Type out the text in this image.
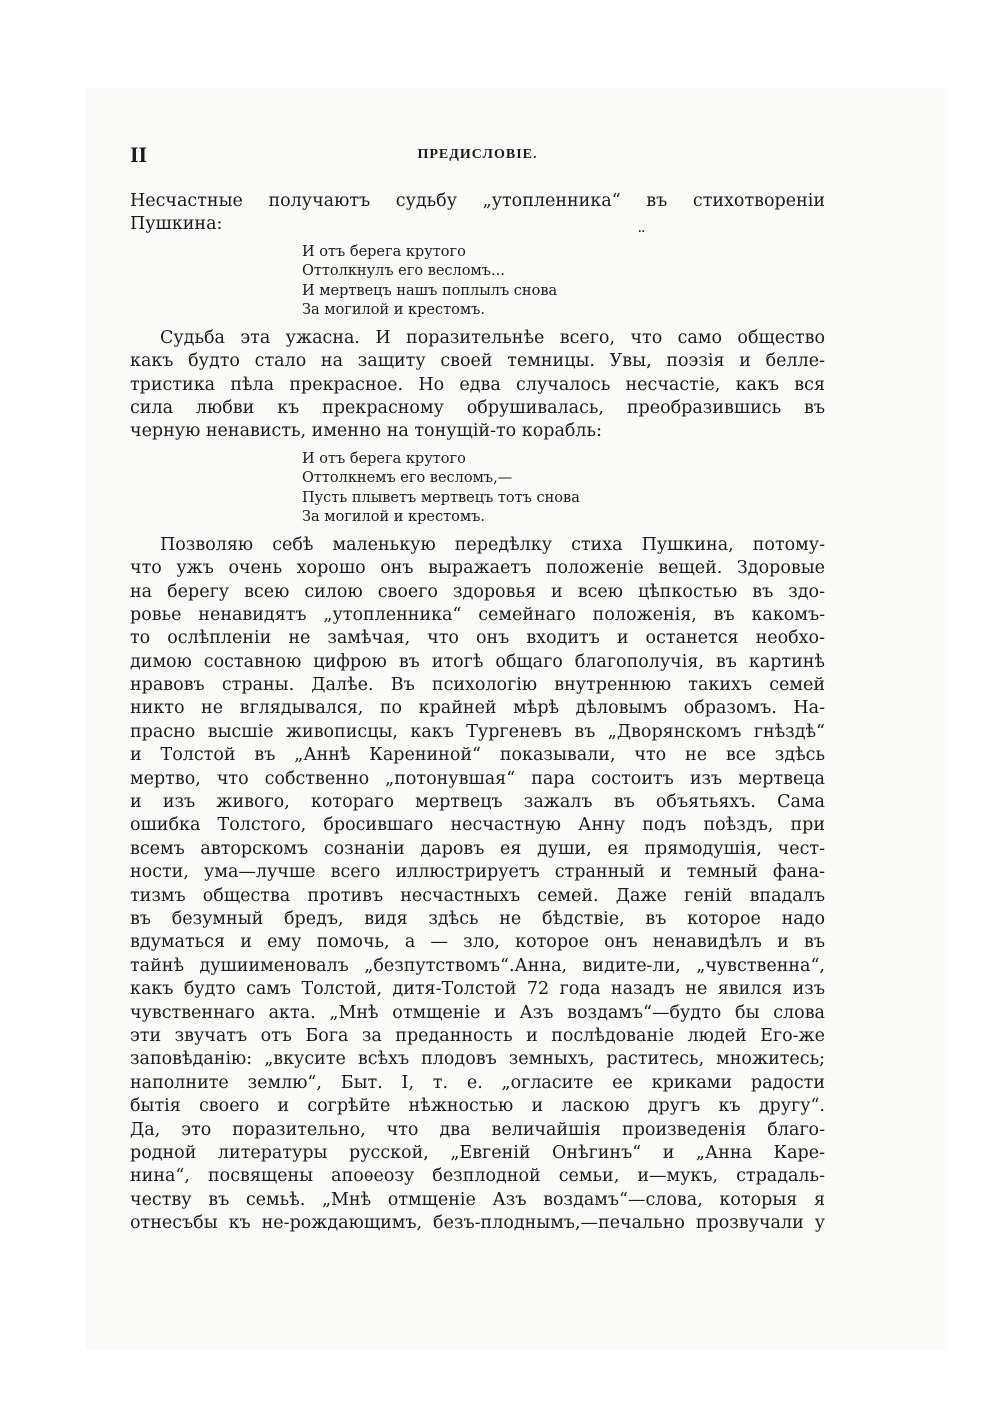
II	ПРЕДИСЛОВІЕ.
..
Несчастные получаютъ судьбу „утопленника“ въ стихотвореніи
Пушкина:
И отъ берега крутого
Оттолкнулъ его весломъ...
И мертвецъ нашъ поплылъ снова
За могилой и крестомъ.
Судьба эта ужасна. И поразительнѣе всего, что само общество
какъ будто стало на защиту своей темницы. Увы, поэзія и белле-
тристика пѣла прекрасное. Но едва случалось несчастіе, какъ вся
сила любви къ прекрасному обрушивалась, преобразившись въ
черную ненависть, именно на тонущій-то корабль:
И отъ берега крутого
Оттолкнемъ его весломъ,—
Пусть плыветъ мертвецъ тотъ снова
За могилой и крестомъ.
Позволяю себѣ маленькую передѣлку стиха Пушкина, потому-
что ужъ очень хорошо онъ выражаетъ положеніе вещей. Здоровые
на берегу всею силою своего здоровья и всею цѣпкостью въ здо-
ровье ненавидятъ „утопленника“ семейнаго положенія, въ какомъ-
то ослѣпленіи не замѣчая, что онъ входитъ и останется необхо-
димою составною цифрою въ итогѣ общаго благополучія, въ картинѣ
нравовъ страны. Далѣе. Въ психологію внутреннюю такихъ семей
никто не вглядывался, по крайней мѣрѣ дѣловымъ образомъ. На-
прасно высшіе живописцы, какъ Тургеневъ въ „Дворянскомъ гнѣздѣ“
и Толстой въ „Аннѣ Карениной“ показывали, что не все здѣсь
мертво, что собственно „потонувшая“ пара состоитъ изъ мертвеца
и изъ живого, котораго мертвецъ зажалъ въ объятьяхъ. Сама
ошибка Толстого, бросившаго несчастную Анну подъ поѣздъ, при
всемъ авторскомъ сознаніи даровъ ея души, ея прямодушія, чест-
ности, ума—лучше всего иллюстрируетъ странный и темный фана-
тизмъ общества противъ несчастныхъ семей. Даже геній впадалъ
въ безумный бредъ, видя здѣсь не бѣдствіе, въ которое надо
вдуматься и ему помочь, а — зло, которое онъ ненавидѣлъ и въ
тайнѣ душиименовалъ „безпутствомъ“.Анна, видите-ли, „чувственна“,
какъ будто самъ Толстой, дитя-Толстой 72 года назадъ не явился изъ
чувственнаго акта. „Мнѣ отмщеніе и Азъ воздамъ“—будто бы слова
эти звучатъ отъ Бога за преданность и послѣдованіе людей Его-же
заповѣданію: „вкусите всѣхъ плодовъ земныхъ, раститесь, множитесь;
наполните землю“, Быт. I, т. е. „огласите ее криками радости
бытія своего и согрѣйте нѣжностью и ласкою другъ къ другу“.
Да, это поразительно, что два величайшія произведенія благо-
родной литературы русской, „Евгеній Онѣгинъ“ и „Анна Каре-
нина“, посвящены апоѳеозу безплодной семьи, и—мукъ, страдаль-
честву въ семьѣ. „Мнѣ отмщеніе Азъ воздамъ“—слова, которыя я
отнесъбы къ не-рождающимъ, безъ-плоднымъ,—печально прозвучали у
